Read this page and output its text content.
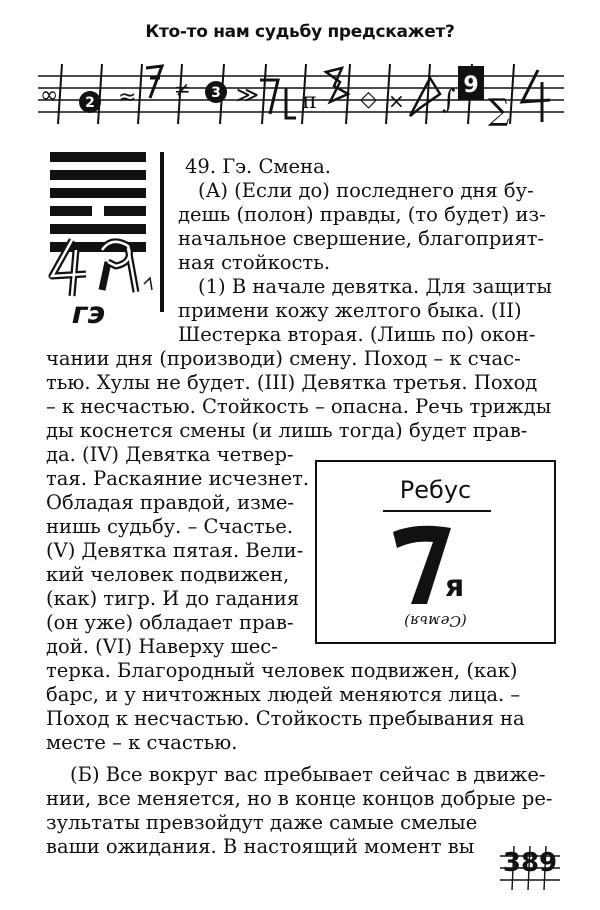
Кто-то нам судьбу предскажет?
∞ 2 ≈ ≠ 3 ≫ π ◇ × ∫ 9
∑
гэ
49. Гэ. Смена.
(А) (Если до) последнего дня бу-
дешь (полон) правды, (то будет) из-
начальное свершение, благоприят-
ная стойкость.
(1) В начале девятка. Для защиты
примени кожу желтого быка. (II)
Шестерка вторая. (Лишь по) окон-
чании дня (производи) смену. Поход – к счас-
тью. Хулы не будет. (III) Девятка третья. Поход
– к несчастью. Стойкость – опасна. Речь трижды
ды коснется смены (и лишь тогда) будет прав-
да. (IV) Девятка четвер-
тая. Раскаяние исчезнет.
Обладая правдой, изме-
нишь судьбу. – Счастье.
(V) Девятка пятая. Вели-
кий человек подвижен,
(как) тигр. И до гадания
(он уже) обладает прав-
дой. (VI) Наверху шес-
терка. Благородный человек подвижен, (как)
барс, и у ничтожных людей меняются лица. –
Поход к несчастью. Стойкость пребывания на
месте – к счастью.
(Б) Все вокруг вас пребывает сейчас в движе-
нии, все меняется, но в конце концов добрые ре-
зультаты превзойдут даже самые смелые
ваши ожидания. В настоящий момент вы
Ребус
я
(Семья)
389
